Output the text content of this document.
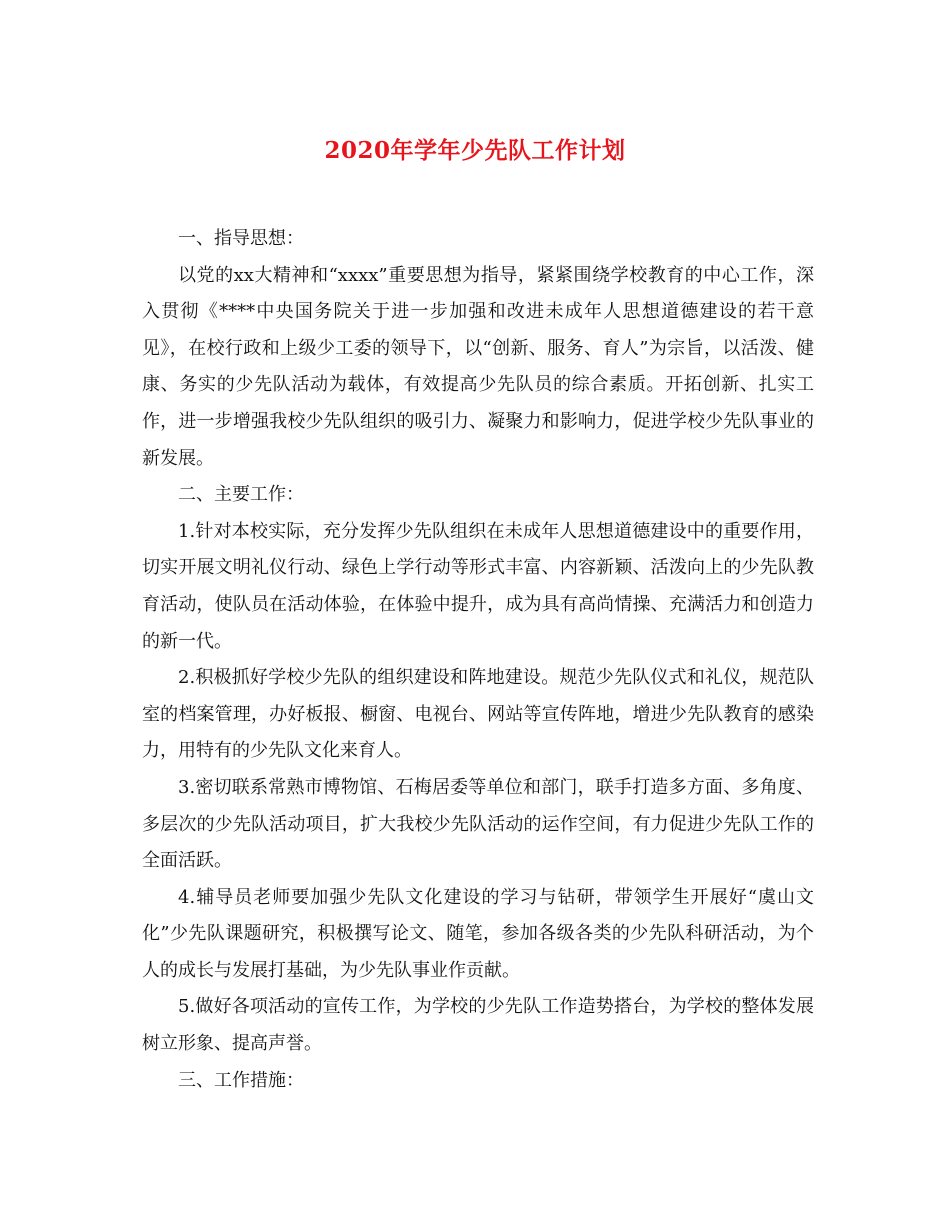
2020年学年少先队工作计划

一、指导思想：

以党的xx大精神和“xxxx”重要思想为指导，紧紧围绕学校教育的中心工作，深入贯彻《****中央国务院关于进一步加强和改进未成年人思想道德建设的若干意见》，在校行政和上级少工委的领导下，以“创新、服务、育人”为宗旨，以活泼、健康、务实的少先队活动为载体，有效提高少先队员的综合素质。开拓创新、扎实工作，进一步增强我校少先队组织的吸引力、凝聚力和影响力，促进学校少先队事业的新发展。

二、主要工作：

1.针对本校实际，充分发挥少先队组织在未成年人思想道德建设中的重要作用，切实开展文明礼仪行动、绿色上学行动等形式丰富、内容新颖、活泼向上的少先队教育活动，使队员在活动体验，在体验中提升，成为具有高尚情操、充满活力和创造力的新一代。

2.积极抓好学校少先队的组织建设和阵地建设。规范少先队仪式和礼仪，规范队室的档案管理，办好板报、橱窗、电视台、网站等宣传阵地，增进少先队教育的感染力，用特有的少先队文化来育人。

3.密切联系常熟市博物馆、石梅居委等单位和部门，联手打造多方面、多角度、多层次的少先队活动项目，扩大我校少先队活动的运作空间，有力促进少先队工作的全面活跃。

4.辅导员老师要加强少先队文化建设的学习与钻研，带领学生开展好“虞山文化”少先队课题研究，积极撰写论文、随笔，参加各级各类的少先队科研活动，为个人的成长与发展打基础，为少先队事业作贡献。

5.做好各项活动的宣传工作，为学校的少先队工作造势搭台，为学校的整体发展树立形象、提高声誉。

三、工作措施：
